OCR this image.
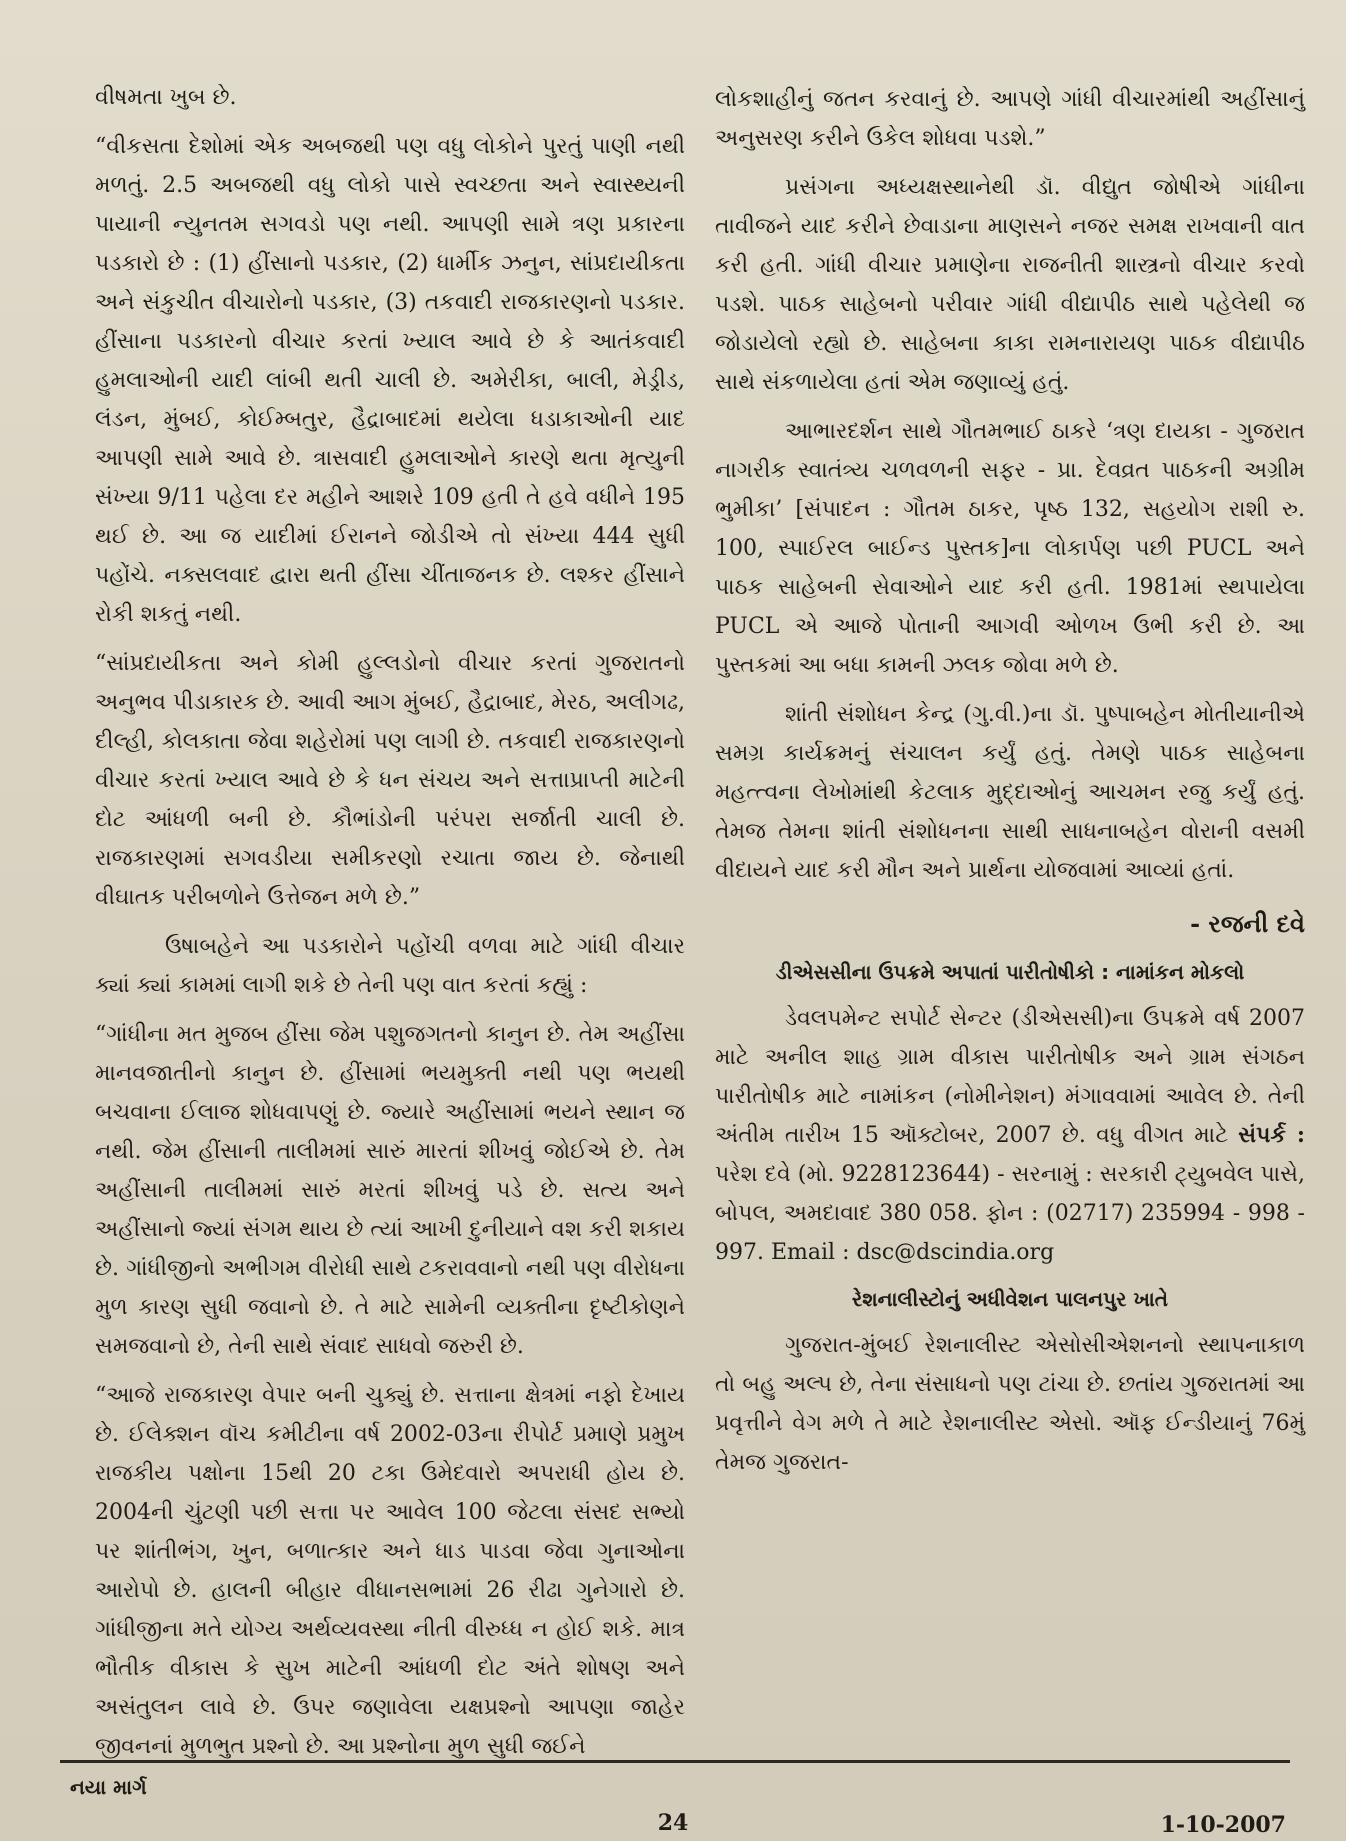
વીષમતા ખુબ છે.

“વીકસતા દેશોમાં એક અબજથી પણ વધુ લોકોને પુરતું પાણી નથી મળતું. 2.5 અબજથી વધુ લોકો પાસે સ્વચ્છતા અને સ્વાસ્થ્યની પાયાની ન્યુનતમ સગવડો પણ નથી. આપણી સામે ત્રણ પ્રકારના પડકારો છે : (1) હીંસાનો પડકાર, (2) ધાર્મીક ઝનુન, સાંપ્રદાયીકતા અને સંકુચીત વીચારોનો પડકાર, (3) તકવાદી રાજકારણનો પડકાર. હીંસાના પડકારનો વીચાર કરતાં ખ્યાલ આવે છે કે આતંકવાદી હુમલાઓની યાદી લાંબી થતી ચાલી છે. અમેરીકા, બાલી, મેડ્રીડ, લંડન, મુંબઈ, કોઈમ્બતુર, હૈદ્રાબાદમાં થયેલા ધડાકાઓની યાદ આપણી સામે આવે છે. ત્રાસવાદી હુમલાઓને કારણે થતા મૃત્યુની સંખ્યા 9/11 પહેલા દર મહીને આશરે 109 હતી તે હવે વધીને 195 થઈ છે. આ જ યાદીમાં ઈરાનને જોડીએ તો સંખ્યા 444 સુધી પહોંચે. નક્સલવાદ દ્વારા થતી હીંસા ચીંતાજનક છે. લશ્કર હીંસાને રોકી શકતું નથી.

“સાંપ્રદાયીકતા અને કોમી હુલ્લડોનો વીચાર કરતાં ગુજરાતનો અનુભવ પીડાકારક છે. આવી આગ મુંબઈ, હૈદ્રાબાદ, મેરઠ, અલીગઢ, દીલ્હી, કોલકાતા જેવા શહેરોમાં પણ લાગી છે. તકવાદી રાજકારણનો વીચાર કરતાં ખ્યાલ આવે છે કે ધન સંચય અને સત્તાપ્રાપ્તી માટેની દોટ આંધળી બની છે. કૌભાંડોની પરંપરા સર્જાતી ચાલી છે. રાજકારણમાં સગવડીયા સમીકરણો રચાતા જાય છે. જેનાથી વીઘાતક પરીબળોને ઉત્તેજન મળે છે.”

ઉષાબહેને આ પડકારોને પહોંચી વળવા માટે ગાંધી વીચાર ક્યાં ક્યાં કામમાં લાગી શકે છે તેની પણ વાત કરતાં કહ્યું :

“ગાંધીના મત મુજબ હીંસા જેમ પશુજગતનો કાનુન છે. તેમ અહીંસા માનવજાતીનો કાનુન છે. હીંસામાં ભયમુક્તી નથી પણ ભયથી બચવાના ઈલાજ શોધવાપણું છે. જ્યારે અહીંસામાં ભયને સ્થાન જ નથી. જેમ હીંસાની તાલીમમાં સારું મારતાં શીખવું જોઈએ છે. તેમ અહીંસાની તાલીમમાં સારું મરતાં શીખવું પડે છે. સત્ય અને અહીંસાનો જ્યાં સંગમ થાય છે ત્યાં આખી દુનીયાને વશ કરી શકાય છે. ગાંધીજીનો અભીગમ વીરોધી સાથે ટકરાવવાનો નથી પણ વીરોધના મુળ કારણ સુધી જવાનો છે. તે માટે સામેની વ્યક્તીના દૃષ્ટીકોણને સમજવાનો છે, તેની સાથે સંવાદ સાધવો જરુરી છે.

“આજે રાજકારણ વેપાર બની ચુક્યું છે. સત્તાના ક્ષેત્રમાં નફો દેખાય છે. ઈલેક્શન વૉચ કમીટીના વર્ષ 2002-03ના રીપોર્ટ પ્રમાણે પ્રમુખ રાજકીય પક્ષોના 15થી 20 ટકા ઉમેદવારો અપરાધી હોય છે. 2004ની ચુંટણી પછી સત્તા પર આવેલ 100 જેટલા સંસદ સભ્યો પર શાંતીભંગ, ખુન, બળાત્કાર અને ધાડ પાડવા જેવા ગુનાઓના આરોપો છે. હાલની બીહાર વીધાનસભામાં 26 રીઢા ગુનેગારો છે. ગાંધીજીના મતે યોગ્ય અર્થવ્યવસ્થા નીતી વીરુધ્ધ ન હોઈ શકે. માત્ર ભૌતીક વીકાસ કે સુખ માટેની આંધળી દોટ અંતે શોષણ અને અસંતુલન લાવે છે. ઉપર જણાવેલા યક્ષપ્રશ્નો આપણા જાહેર જીવનનાં મુળભુત પ્રશ્નો છે. આ પ્રશ્નોના મુળ સુધી જઈને

લોકશાહીનું જતન કરવાનું છે. આપણે ગાંધી વીચારમાંથી અહીંસાનું અનુસરણ કરીને ઉકેલ શોધવા પડશે.”

પ્રસંગના અધ્યક્ષસ્થાનેથી ડૉ. વીદ્યુત જોષીએ ગાંધીના તાવીજને યાદ કરીને છેવાડાના માણસને નજર સમક્ષ રાખવાની વાત કરી હતી. ગાંધી વીચાર પ્રમાણેના રાજનીતી શાસ્ત્રનો વીચાર કરવો પડશે. પાઠક સાહેબનો પરીવાર ગાંધી વીદ્યાપીઠ સાથે પહેલેથી જ જોડાયેલો રહ્યો છે. સાહેબના કાકા રામનારાયણ પાઠક વીદ્યાપીઠ સાથે સંકળાયેલા હતાં એમ જણાવ્યું હતું.

આભારદર્શન સાથે ગૌતમભાઈ ઠાકરે ‘ત્રણ દાયકા - ગુજરાત નાગરીક સ્વાતંત્ર્ય ચળવળની સફર - પ્રા. દેવવ્રત પાઠકની અગ્રીમ ભુમીકા’ [સંપાદન : ગૌતમ ઠાકર, પૃષ્ઠ 132, સહયોગ રાશી રુ. 100, સ્પાઈરલ બાઈન્ડ પુસ્તક]ના લોકાર્પણ પછી PUCL અને પાઠક સાહેબની સેવાઓને યાદ કરી હતી. 1981માં સ્થપાયેલા PUCL એ આજે પોતાની આગવી ઓળખ ઉભી કરી છે. આ પુસ્તકમાં આ બધા કામની ઝલક જોવા મળે છે.

શાંતી સંશોધન કેન્દ્ર (ગુ.વી.)ના ડૉ. પુષ્પાબહેન મોતીયાનીએ સમગ્ર કાર્યક્રમનું સંચાલન કર્યું હતું. તેમણે પાઠક સાહેબના મહત્ત્વના લેખોમાંથી કેટલાક મુદ્દાઓનું આચમન રજુ કર્યું હતું. તેમજ તેમના શાંતી સંશોધનના સાથી સાધનાબહેન વોરાની વસમી વીદાયને યાદ કરી મૌન અને પ્રાર્થના યોજવામાં આવ્યાં હતાં.

- રજની દવે
ડીએસસીના ઉપક્રમે અપાતાં પારીતોષીકો : નામાંકન મોકલો

ડેવલપમેન્ટ સપોર્ટ સેન્ટર (ડીએસસી)ના ઉપક્રમે વર્ષ 2007 માટે અનીલ શાહ ગ્રામ વીકાસ પારીતોષીક અને ગ્રામ સંગઠન પારીતોષીક માટે નામાંકન (નોમીનેશન) મંગાવવામાં આવેલ છે. તેની અંતીમ તારીખ 15 ઑક્ટોબર, 2007 છે. વધુ વીગત માટે સંપર્ક : પરેશ દવે (મો. 9228123644) - સરનામું : સરકારી ટ્યુબવેલ પાસે, બોપલ, અમદાવાદ 380 058. ફોન : (02717) 235994 - 998 - 997. Email : dsc@dscindia.org

રેશનાલીસ્ટોનું અધીવેશન પાલનપુર ખાતે

ગુજરાત-મુંબઈ રેશનાલીસ્ટ એસોસીએશનનો સ્થાપનાકાળ તો બહુ અલ્પ છે, તેના સંસાધનો પણ ટાંચા છે. છતાંય ગુજરાતમાં આ પ્રવૃત્તીને વેગ મળે તે માટે રેશનાલીસ્ટ એસો. ઑફ ઈન્ડીયાનું 76મું તેમજ ગુજરાત-

નયા માર્ગ
24	1-10-2007
